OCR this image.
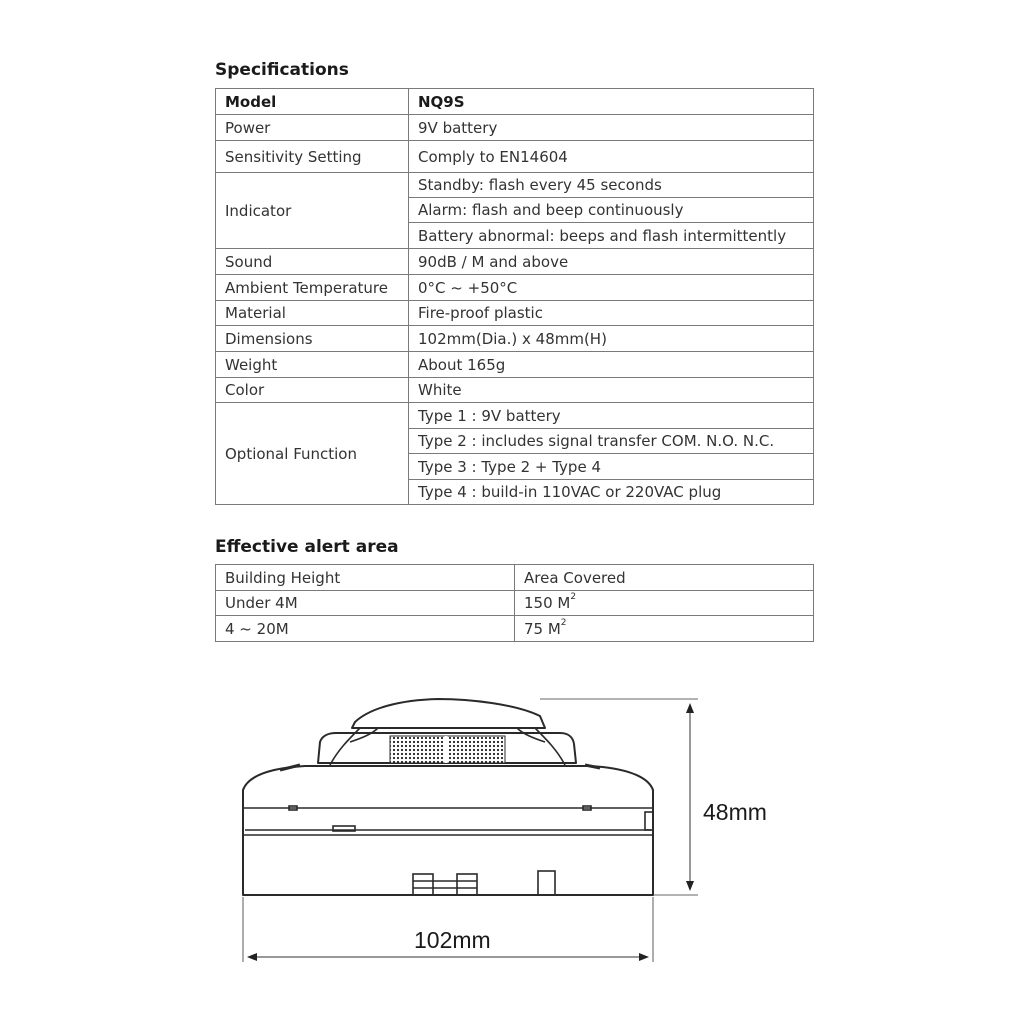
Specifications
Model	NQ9S
Power	9V battery
Sensitivity Setting	Comply to EN14604
Indicator	Standby: flash every 45 seconds
	Alarm: flash and beep continuously
	Battery abnormal: beeps and flash intermittently
Sound	90dB / M and above
Ambient Temperature	0°C ~ +50°C
Material	Fire-proof plastic
Dimensions	102mm(Dia.) x 48mm(H)
Weight	About 165g
Color	White
Optional Function	Type 1 : 9V battery
	Type 2 : includes signal transfer COM. N.O. N.C.
	Type 3 : Type 2 + Type 4
	Type 4 : build-in 110VAC or 220VAC plug
Effective alert area
Building Height	Area Covered
Under 4M	150 $M^2$
4 ~ 20M	75 $M^2$
48mm
102mm
